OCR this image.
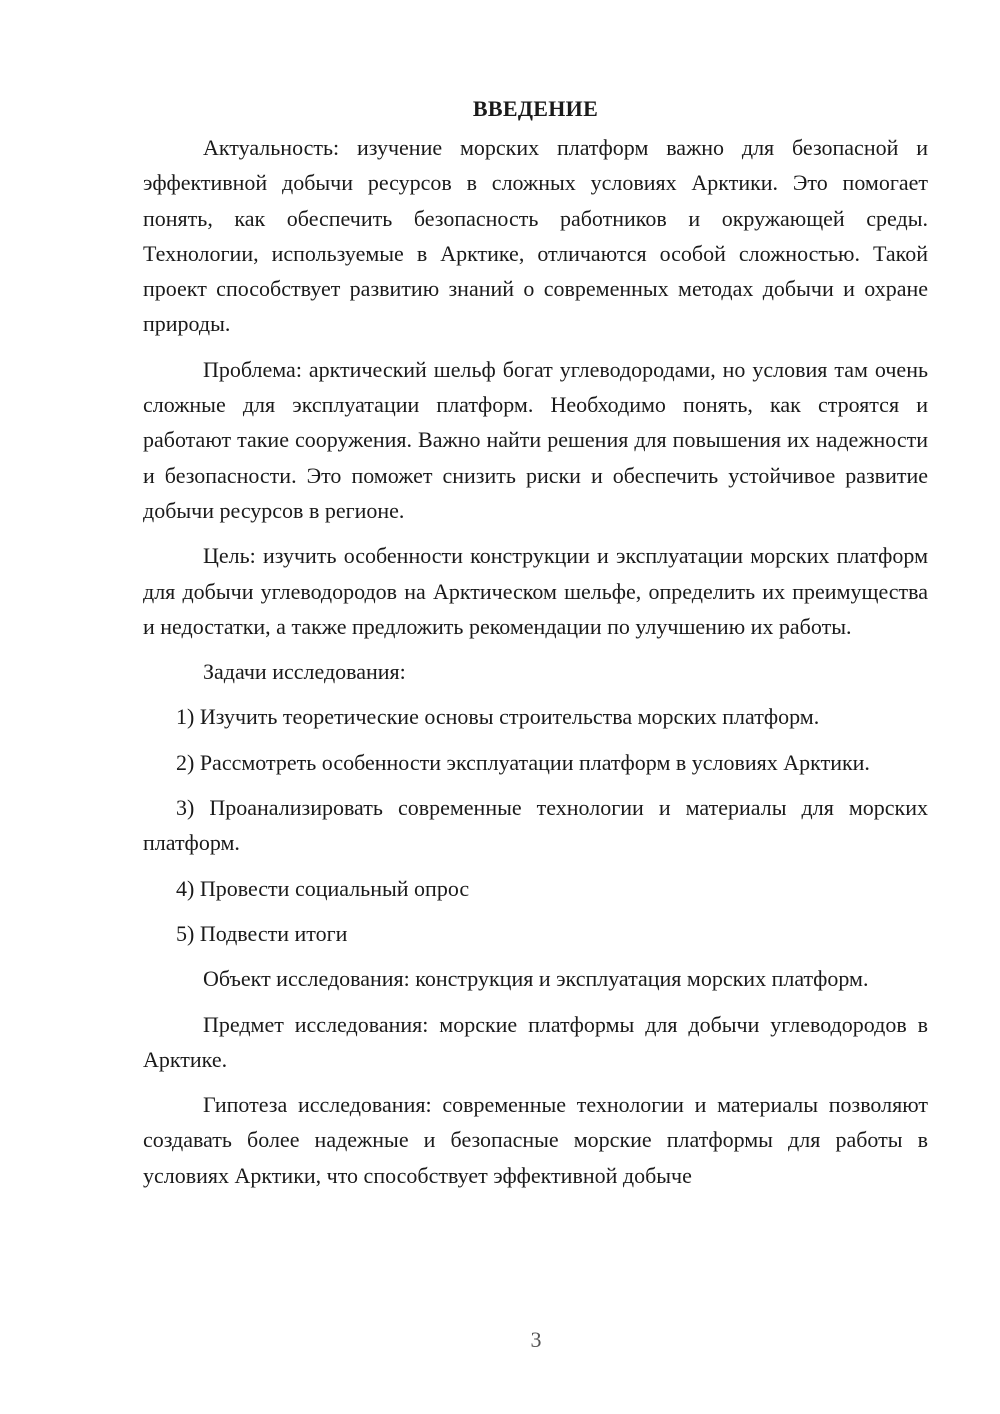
ВВЕДЕНИЕ

Актуальность: изучение морских платформ важно для безопасной и эффективной добычи ресурсов в сложных условиях Арктики. Это помогает понять, как обеспечить безопасность работников и окружающей среды. Технологии, используемые в Арктике, отличаются особой сложностью. Такой проект способствует развитию знаний о современных методах добычи и охране природы.

Проблема: арктический шельф богат углеводородами, но условия там очень сложные для эксплуатации платформ. Необходимо понять, как строятся и работают такие сооружения. Важно найти решения для повышения их надежности и безопасности. Это поможет снизить риски и обеспечить устойчивое развитие добычи ресурсов в регионе.

Цель: изучить особенности конструкции и эксплуатации морских платформ для добычи углеводородов на Арктическом шельфе, определить их преимущества и недостатки, а также предложить рекомендации по улучшению их работы.

Задачи исследования:

1) Изучить теоретические основы строительства морских платформ.

2) Рассмотреть особенности эксплуатации платформ в условиях Арктики.

3) Проанализировать современные технологии и материалы для морских платформ.

4) Провести социальный опрос

5) Подвести итоги

Объект исследования: конструкция и эксплуатация морских платформ.

Предмет исследования: морские платформы для добычи углеводородов в Арктике.

Гипотеза исследования: современные технологии и материалы позволяют создавать более надежные и безопасные морские платформы для работы в условиях Арктики, что способствует эффективной добыче

3
